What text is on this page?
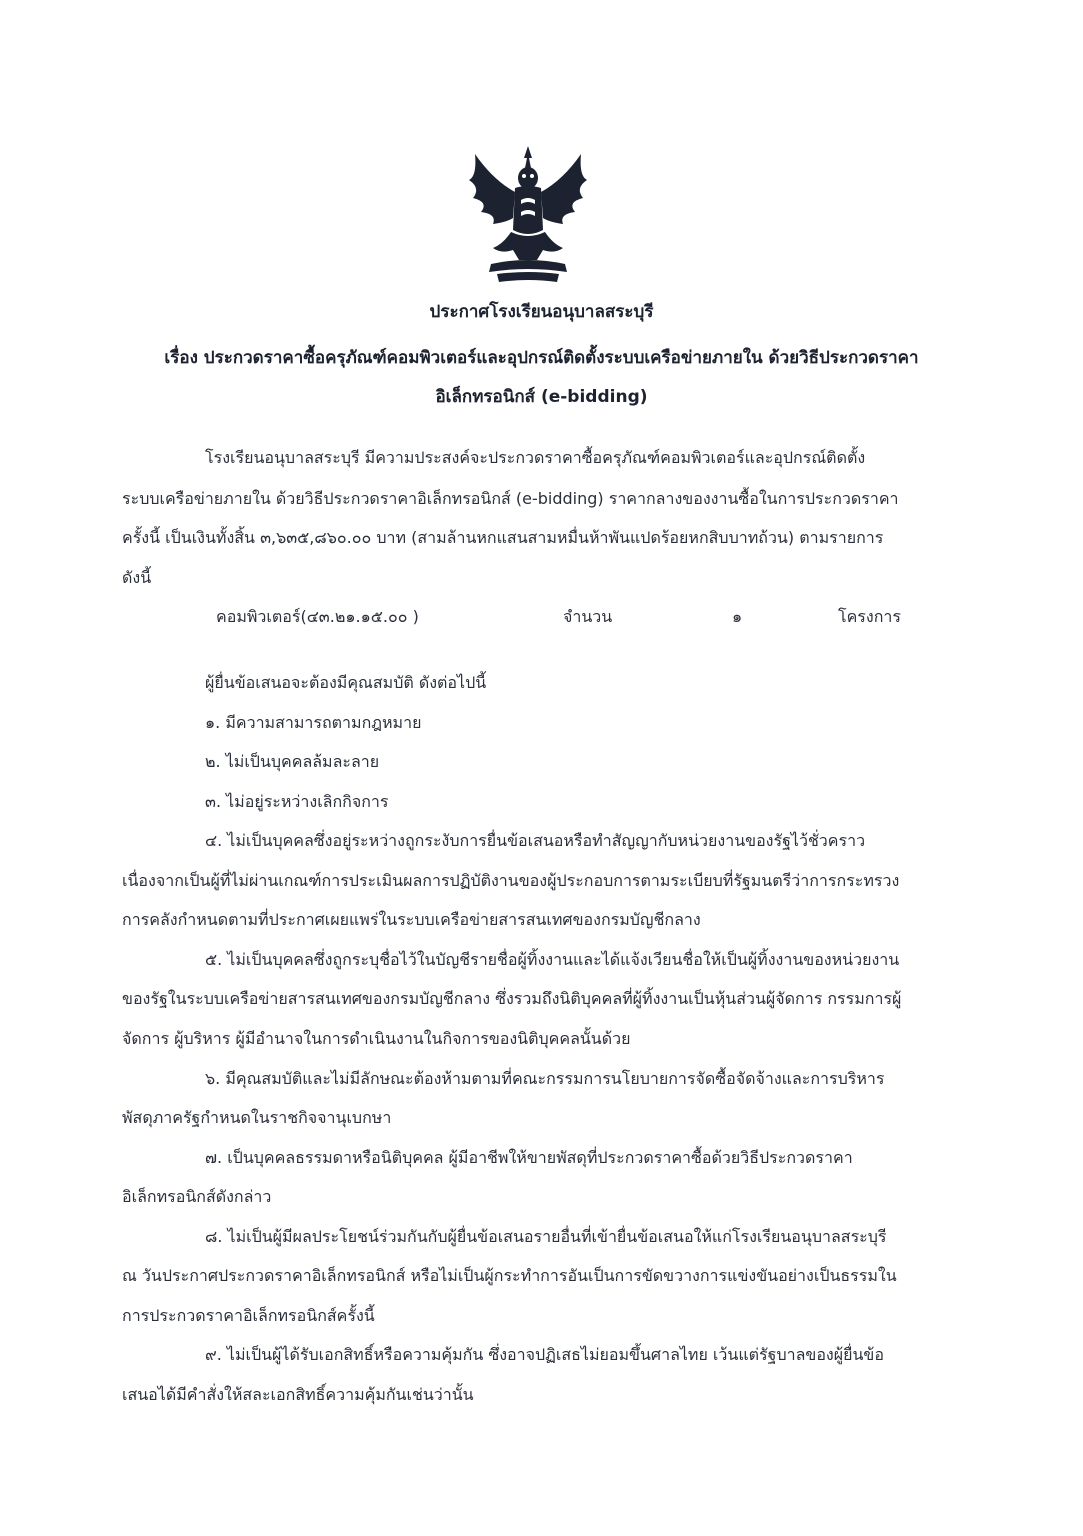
ประกาศโรงเรียนอนุบาลสระบุรี
เรื่อง ประกวดราคาซื้อครุภัณฑ์คอมพิวเตอร์และอุปกรณ์ติดตั้งระบบเครือข่ายภายใน ด้วยวิธีประกวดราคา
อิเล็กทรอนิกส์ (e-bidding)
โรงเรียนอนุบาลสระบุรี มีความประสงค์จะประกวดราคาซื้อครุภัณฑ์คอมพิวเตอร์และอุปกรณ์ติดตั้ง
ระบบเครือข่ายภายใน ด้วยวิธีประกวดราคาอิเล็กทรอนิกส์ (e-bidding) ราคากลางของงานซื้อในการประกวดราคา
ครั้งนี้ เป็นเงินทั้งสิ้น ๓,๖๓๕,๘๖๐.๐๐ บาท (สามล้านหกแสนสามหมื่นห้าพันแปดร้อยหกสิบบาทถ้วน) ตามรายการ
ดังนี้
คอมพิวเตอร์(๔๓.๒๑.๑๕.๐๐ )	จำนวน	๑	โครงการ
ผู้ยื่นข้อเสนอจะต้องมีคุณสมบัติ ดังต่อไปนี้
๑. มีความสามารถตามกฎหมาย
๒. ไม่เป็นบุคคลล้มละลาย
๓. ไม่อยู่ระหว่างเลิกกิจการ
๔. ไม่เป็นบุคคลซึ่งอยู่ระหว่างถูกระงับการยื่นข้อเสนอหรือทำสัญญากับหน่วยงานของรัฐไว้ชั่วคราว
เนื่องจากเป็นผู้ที่ไม่ผ่านเกณฑ์การประเมินผลการปฏิบัติงานของผู้ประกอบการตามระเบียบที่รัฐมนตรีว่าการกระทรวง
การคลังกำหนดตามที่ประกาศเผยแพร่ในระบบเครือข่ายสารสนเทศของกรมบัญชีกลาง
๕. ไม่เป็นบุคคลซึ่งถูกระบุชื่อไว้ในบัญชีรายชื่อผู้ทิ้งงานและได้แจ้งเวียนชื่อให้เป็นผู้ทิ้งงานของหน่วยงาน
ของรัฐในระบบเครือข่ายสารสนเทศของกรมบัญชีกลาง ซึ่งรวมถึงนิติบุคคลที่ผู้ทิ้งงานเป็นหุ้นส่วนผู้จัดการ กรรมการผู้
จัดการ ผู้บริหาร ผู้มีอำนาจในการดำเนินงานในกิจการของนิติบุคคลนั้นด้วย
๖. มีคุณสมบัติและไม่มีลักษณะต้องห้ามตามที่คณะกรรมการนโยบายการจัดซื้อจัดจ้างและการบริหาร
พัสดุภาครัฐกำหนดในราชกิจจานุเบกษา
๗. เป็นบุคคลธรรมดาหรือนิติบุคคล ผู้มีอาชีพให้ขายพัสดุที่ประกวดราคาซื้อด้วยวิธีประกวดราคา
อิเล็กทรอนิกส์ดังกล่าว
๘. ไม่เป็นผู้มีผลประโยชน์ร่วมกันกับผู้ยื่นข้อเสนอรายอื่นที่เข้ายื่นข้อเสนอให้แก่โรงเรียนอนุบาลสระบุรี
ณ วันประกาศประกวดราคาอิเล็กทรอนิกส์ หรือไม่เป็นผู้กระทำการอันเป็นการขัดขวางการแข่งขันอย่างเป็นธรรมใน
การประกวดราคาอิเล็กทรอนิกส์ครั้งนี้
๙. ไม่เป็นผู้ได้รับเอกสิทธิ์หรือความคุ้มกัน ซึ่งอาจปฏิเสธไม่ยอมขึ้นศาลไทย เว้นแต่รัฐบาลของผู้ยื่นข้อ
เสนอได้มีคำสั่งให้สละเอกสิทธิ์ความคุ้มกันเช่นว่านั้น
